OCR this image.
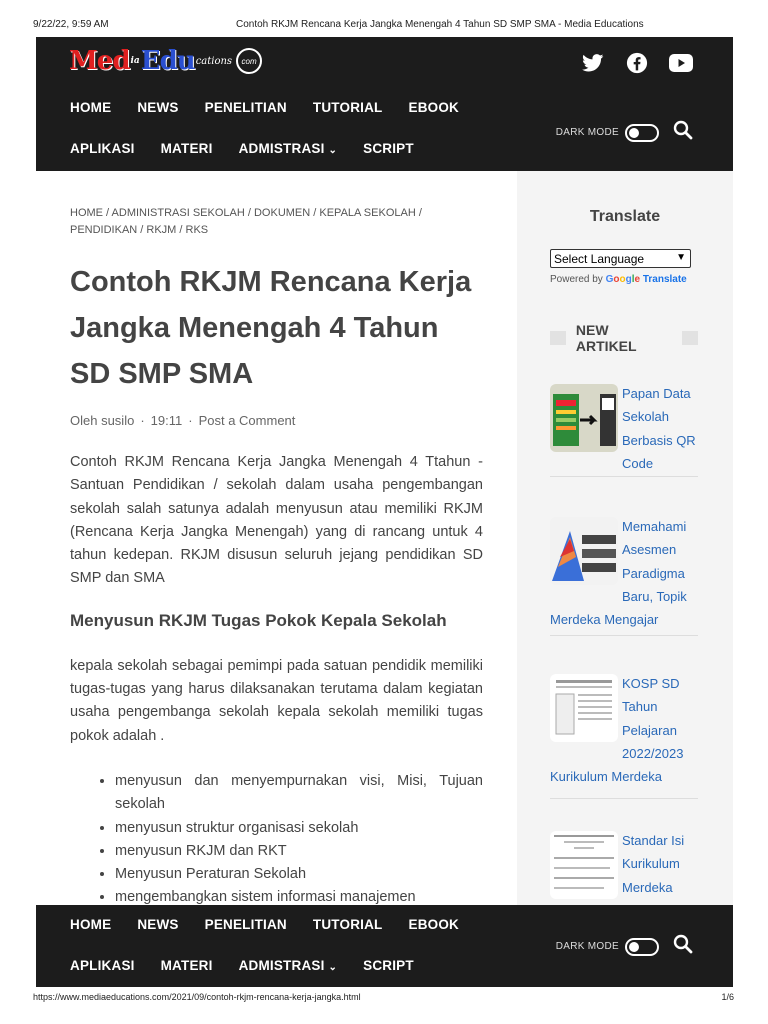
9/22/22, 9:59 AM	Contoh RKJM Rencana Kerja Jangka Menengah 4 Tahun SD SMP SMA - Media Educations
Med ia Edu cations	com
HOME NEWS PENELITIAN TUTORIAL EBOOK
APLIKASI MATERI ADMISTRASI ⌄ SCRIPT
DARK MODE
HOME / ADMINISTRASI SEKOLAH / DOKUMEN / KEPALA SEKOLAH / PENDIDIKAN / RKJM / RKS
Contoh RKJM Rencana Kerja Jangka Menengah 4 Tahun SD SMP SMA
Oleh susilo · 19:11 · Post a Comment

Contoh RKJM Rencana Kerja Jangka Menengah 4 Ttahun - Santuan Pendidikan / sekolah dalam usaha pengembangan sekolah salah satunya adalah menyusun atau memiliki RKJM (Rencana Kerja Jangka Menengah) yang di rancang untuk 4 tahun kedepan. RKJM disusun seluruh jejang pendidikan SD SMP dan SMA

Menyusun RKJM Tugas Pokok Kepala Sekolah

kepala sekolah sebagai pemimpi pada satuan pendidik memiliki tugas-tugas yang harus dilaksanakan terutama dalam kegiatan usaha pengembanga sekolah kepala sekolah memiliki tugas pokok adalah .

• menyusun dan menyempurnakan visi, Misi, Tujuan sekolah
• menyusun struktur organisasi sekolah
• menyusun RKJM dan RKT
• Menyusun Peraturan Sekolah
• mengembangkan sistem informasi manajemen
Translate
Select Language	▼
Powered by Google Translate
NEW ARTIKEL
Papan Data Sekolah Berbasis QR Code
Memahami Asesmen Paradigma Baru, Topik Merdeka Mengajar
KOSP SD Tahun Pelajaran 2022/2023 Kurikulum Merdeka
Standar Isi Kurikulum Merdeka
HOME NEWS PENELITIAN TUTORIAL EBOOK
APLIKASI MATERI ADMISTRASI ⌄ SCRIPT
DARK MODE
https://www.mediaeducations.com/2021/09/contoh-rkjm-rencana-kerja-jangka.html	1/6
